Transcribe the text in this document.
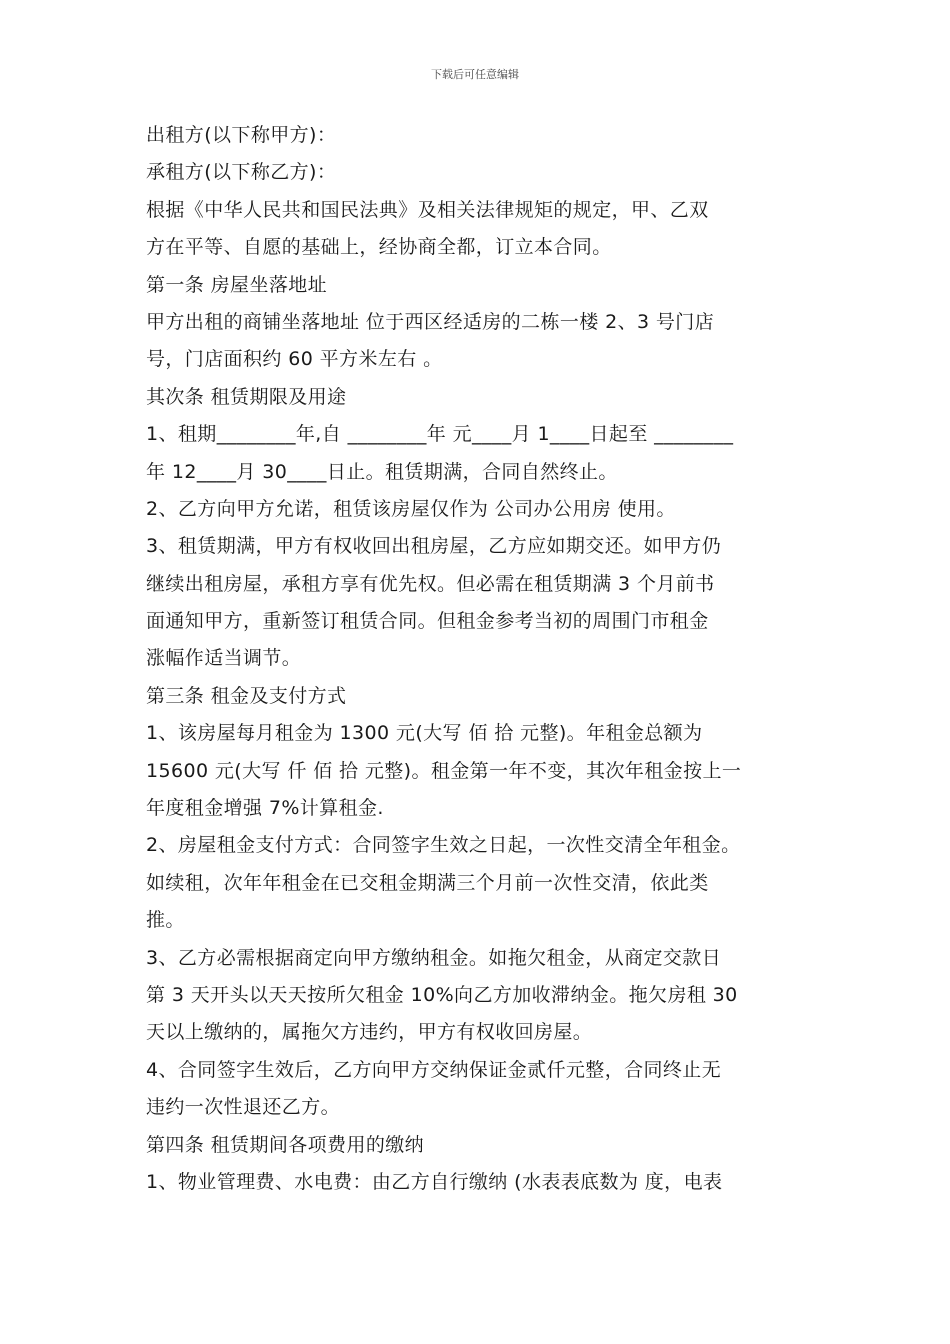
下载后可任意编辑
出租方(以下称甲方)：
承租方(以下称乙方)：
根据《中华人民共和国民法典》及相关法律规矩的规定，甲、乙双
方在平等、自愿的基础上，经协商全都，订立本合同。
第一条 房屋坐落地址
甲方出租的商铺坐落地址 位于西区经适房的二栋一楼 2、3 号门店
号，门店面积约 60 平方米左右 。
其次条 租赁期限及用途
1、租期________年,自 ________年 元____月 1____日起至 ________
年 12____月 30____日止。租赁期满，合同自然终止。
2、乙方向甲方允诺，租赁该房屋仅作为 公司办公用房 使用。
3、租赁期满，甲方有权收回出租房屋，乙方应如期交还。如甲方仍
继续出租房屋，承租方享有优先权。但必需在租赁期满 3 个月前书
面通知甲方，重新签订租赁合同。但租金参考当初的周围门市租金
涨幅作适当调节。
第三条 租金及支付方式
1、该房屋每月租金为 1300 元(大写 佰 拾 元整)。年租金总额为
15600 元(大写 仟 佰 拾 元整)。租金第一年不变，其次年租金按上一
年度租金增强 7%计算租金.
2、房屋租金支付方式：合同签字生效之日起，一次性交清全年租金。
如续租，次年年租金在已交租金期满三个月前一次性交清，依此类
推。
3、乙方必需根据商定向甲方缴纳租金。如拖欠租金，从商定交款日
第 3 天开头以天天按所欠租金 10%向乙方加收滞纳金。拖欠房租 30
天以上缴纳的，属拖欠方违约，甲方有权收回房屋。
4、合同签字生效后，乙方向甲方交纳保证金贰仟元整，合同终止无
违约一次性退还乙方。
第四条 租赁期间各项费用的缴纳
1、物业管理费、水电费：由乙方自行缴纳 (水表表底数为 度，电表
